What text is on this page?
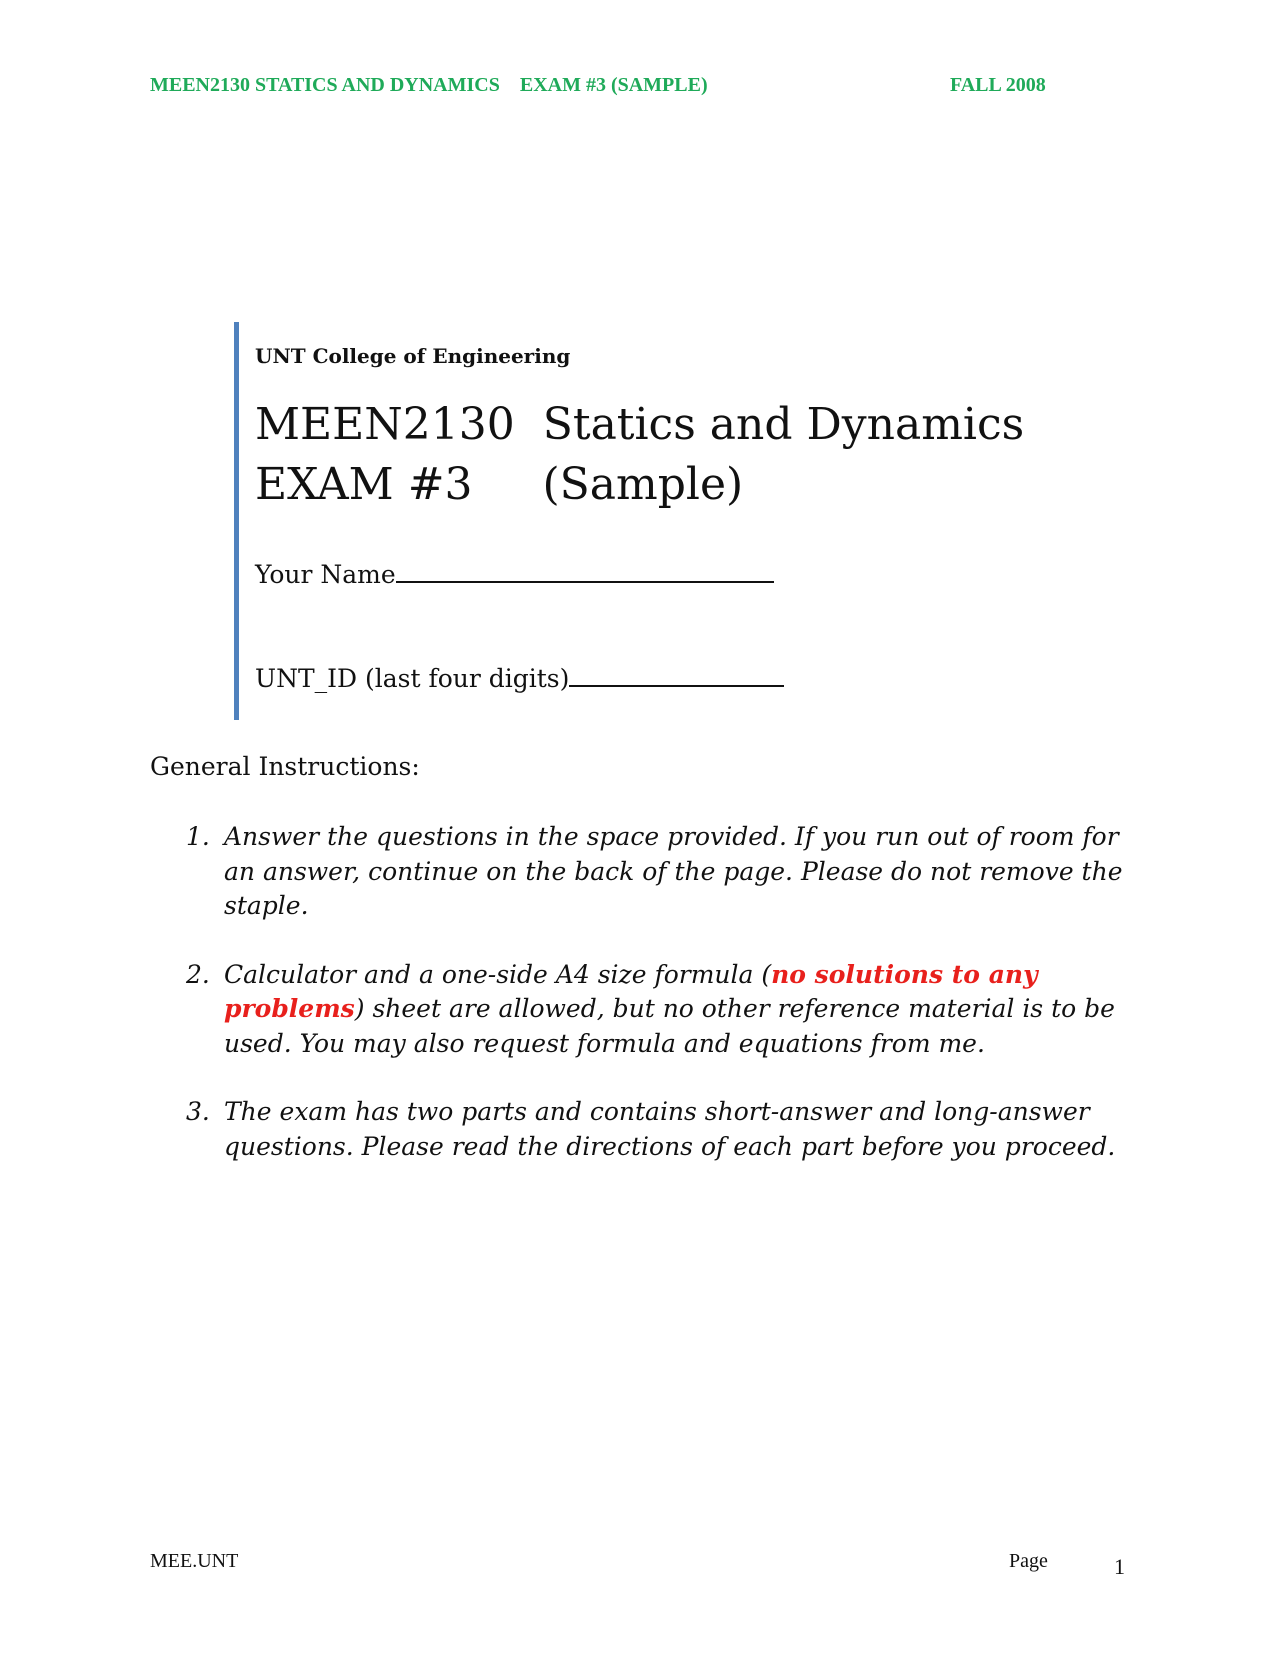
MEEN2130 STATICS AND DYNAMICS    EXAM #3 (SAMPLE)	FALL 2008
UNT College of Engineering
MEEN2130  Statics and Dynamics
EXAM #3     (Sample)
Your Name
UNT_ID (last four digits)
General Instructions:
1. Answer the questions in the space provided. If you run out of room for an answer, continue on the back of the page. Please do not remove the staple.
2. Calculator and a one-side A4 size formula (no solutions to any problems) sheet are allowed, but no other reference material is to be used. You may also request formula and equations from me.
3. The exam has two parts and contains short-answer and long-answer questions. Please read the directions of each part before you proceed.
MEE.UNT	Page	1
